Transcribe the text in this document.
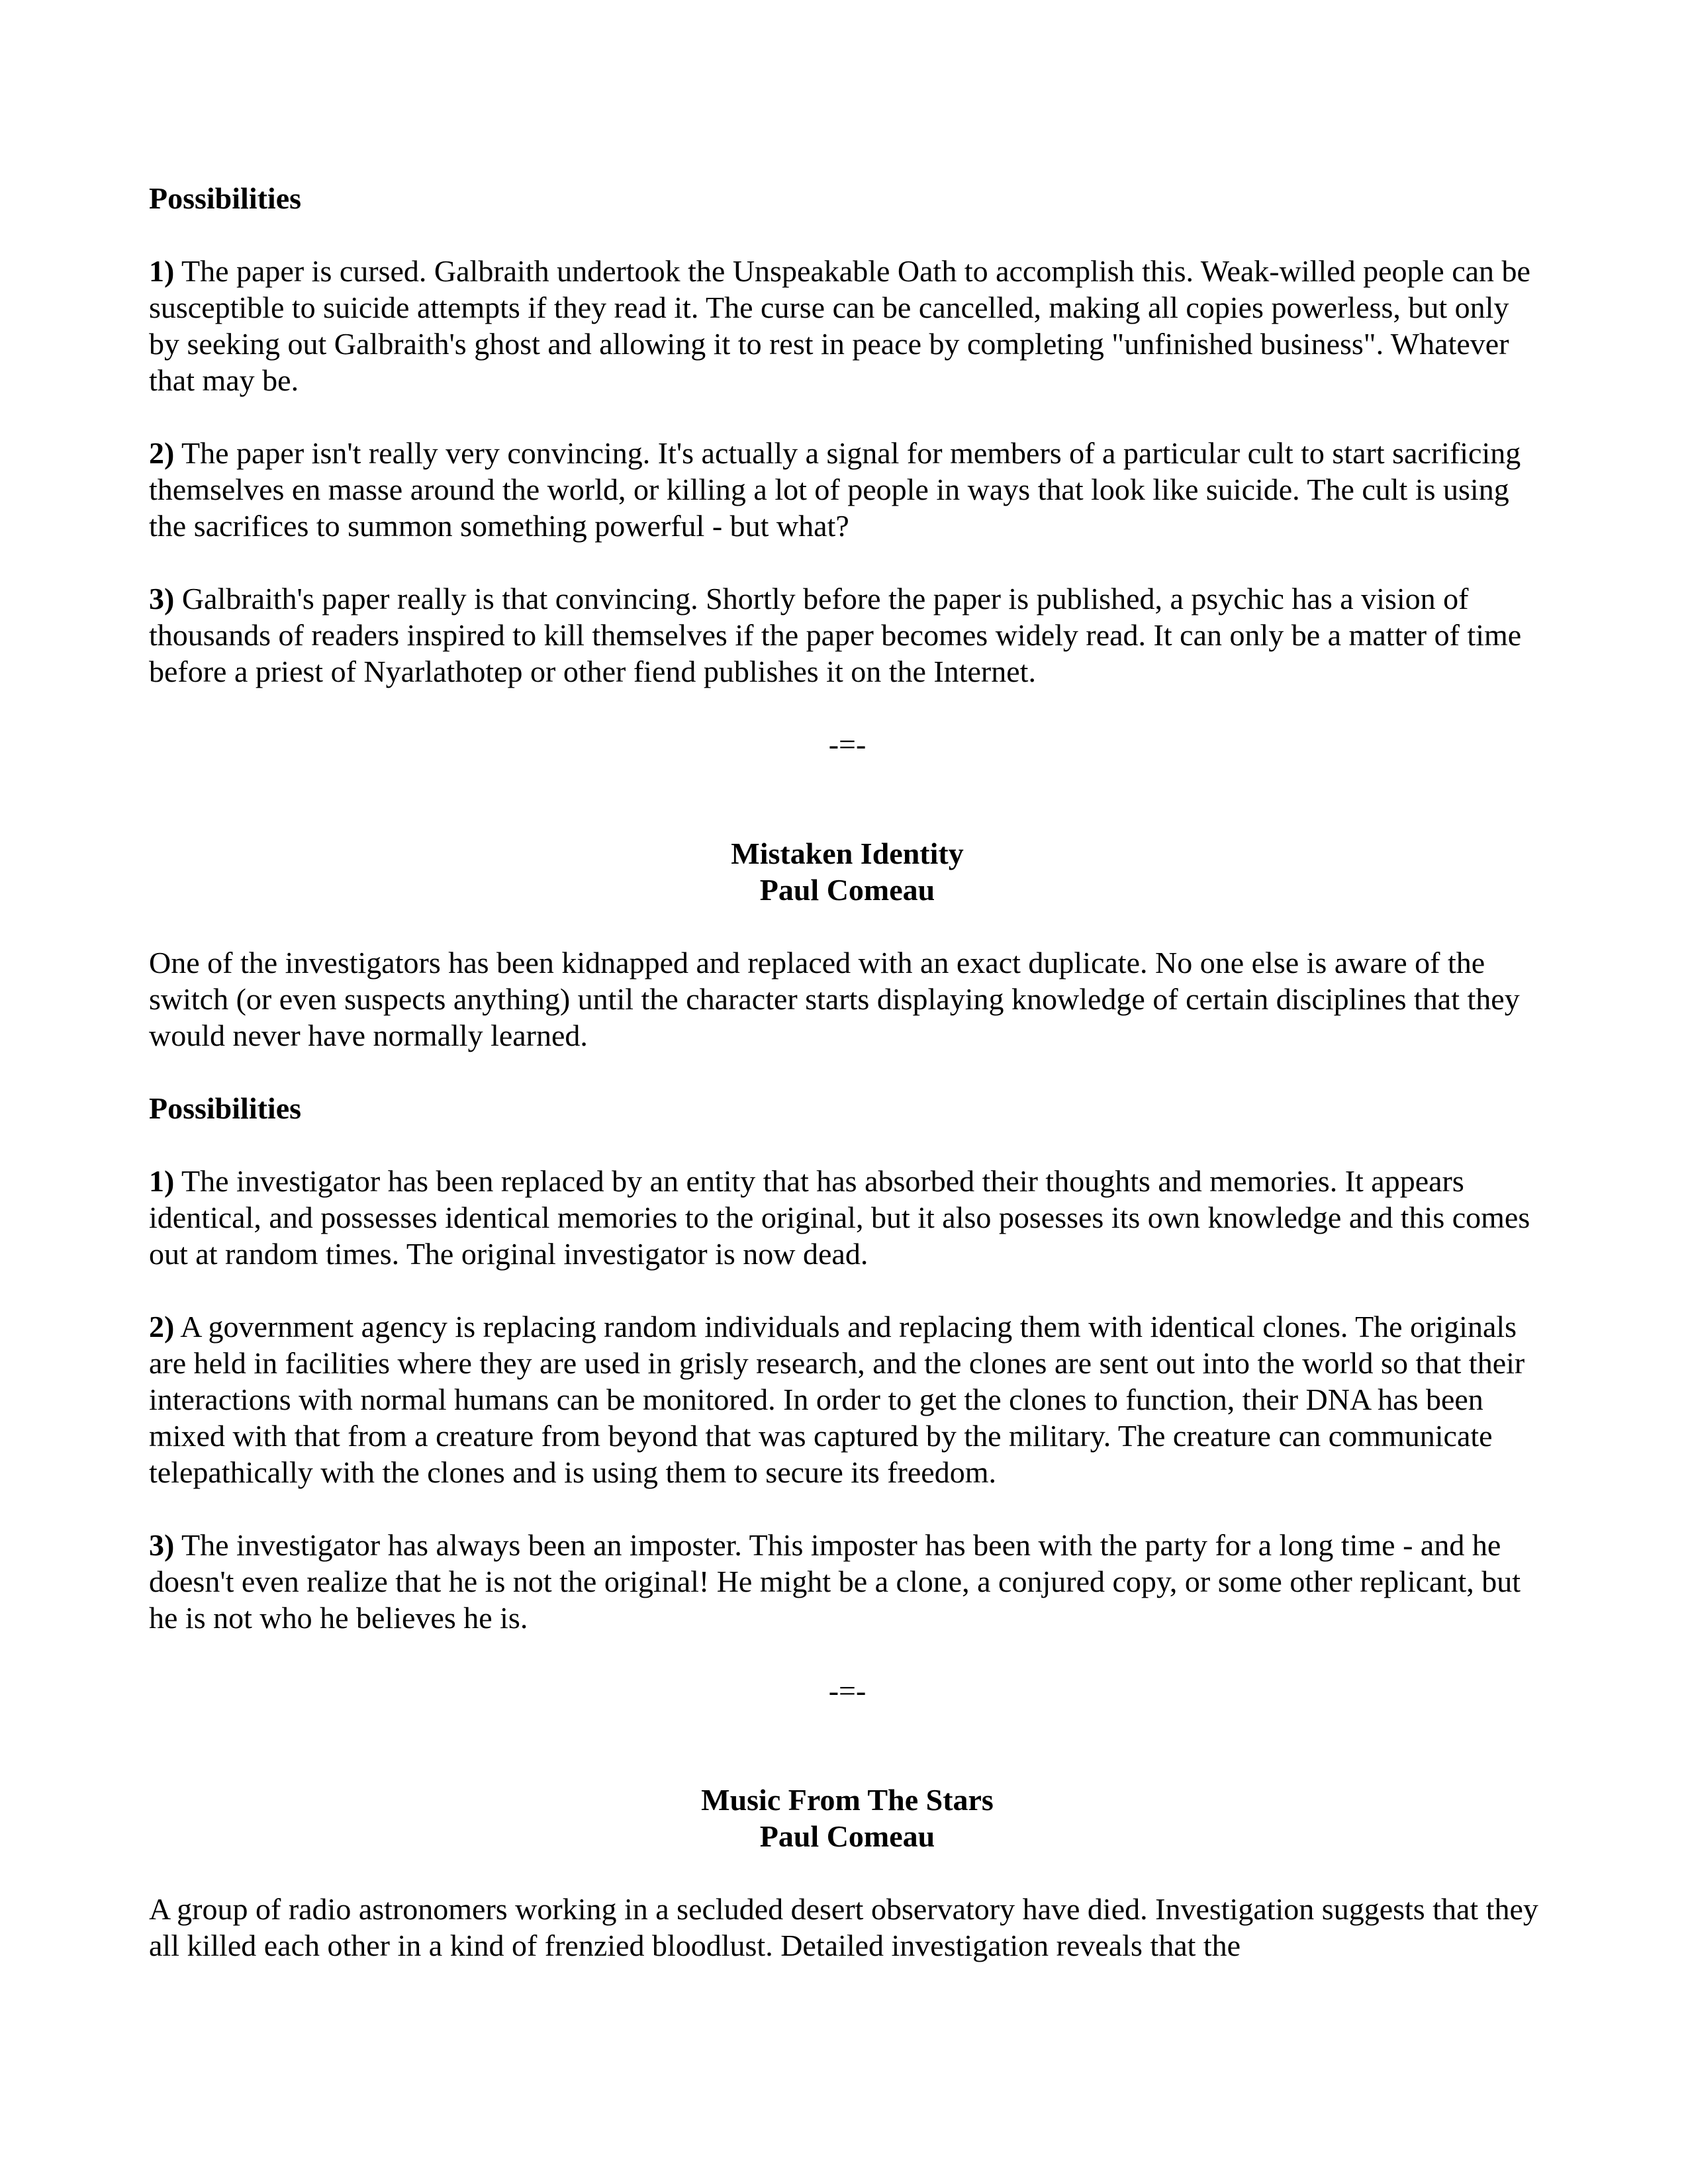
Possibilities

1) The paper is cursed. Galbraith undertook the Unspeakable Oath to accomplish this. Weak-willed people can be susceptible to suicide attempts if they read it. The curse can be cancelled, making all copies powerless, but only by seeking out Galbraith's ghost and allowing it to rest in peace by completing "unfinished business". Whatever that may be.

2) The paper isn't really very convincing. It's actually a signal for members of a particular cult to start sacrificing themselves en masse around the world, or killing a lot of people in ways that look like suicide. The cult is using the sacrifices to summon something powerful - but what?

3) Galbraith's paper really is that convincing. Shortly before the paper is published, a psychic has a vision of thousands of readers inspired to kill themselves if the paper becomes widely read. It can only be a matter of time before a priest of Nyarlathotep or other fiend publishes it on the Internet.

-=-

Mistaken Identity
Paul Comeau

One of the investigators has been kidnapped and replaced with an exact duplicate. No one else is aware of the switch (or even suspects anything) until the character starts displaying knowledge of certain disciplines that they would never have normally learned.

Possibilities

1) The investigator has been replaced by an entity that has absorbed their thoughts and memories. It appears identical, and possesses identical memories to the original, but it also posesses its own knowledge and this comes out at random times. The original investigator is now dead.

2) A government agency is replacing random individuals and replacing them with identical clones. The originals are held in facilities where they are used in grisly research, and the clones are sent out into the world so that their interactions with normal humans can be monitored. In order to get the clones to function, their DNA has been mixed with that from a creature from beyond that was captured by the military. The creature can communicate telepathically with the clones and is using them to secure its freedom.

3) The investigator has always been an imposter. This imposter has been with the party for a long time - and he doesn't even realize that he is not the original! He might be a clone, a conjured copy, or some other replicant, but he is not who he believes he is.

-=-

Music From The Stars
Paul Comeau

A group of radio astronomers working in a secluded desert observatory have died. Investigation suggests that they all killed each other in a kind of frenzied bloodlust. Detailed investigation reveals that the
